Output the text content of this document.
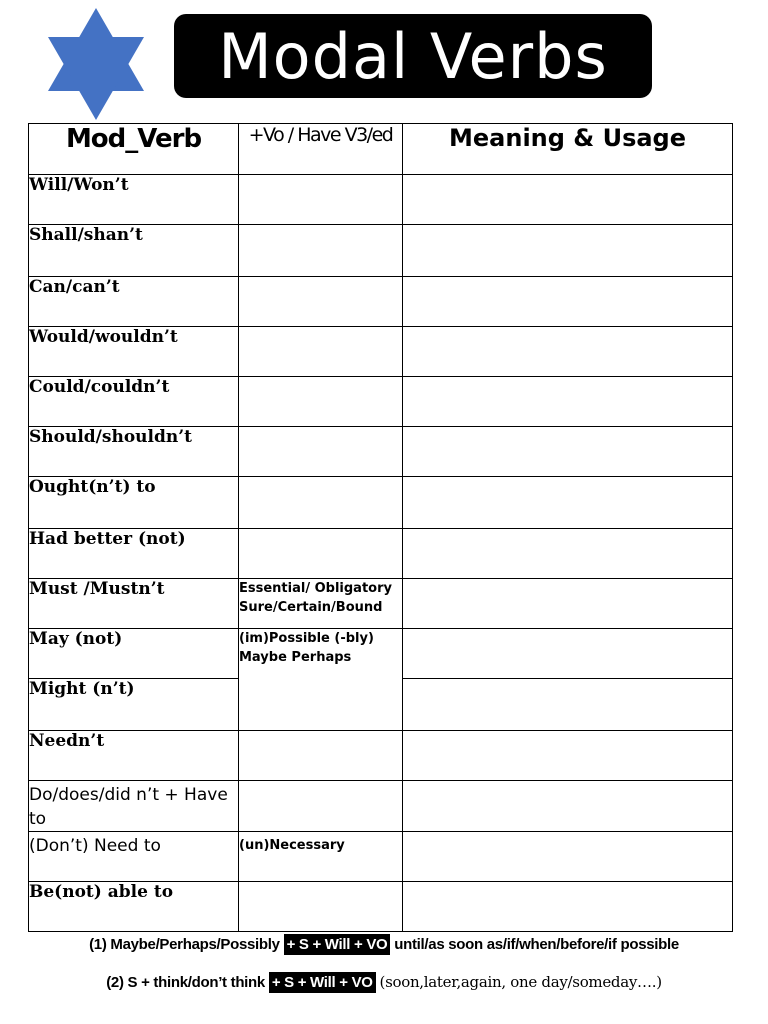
Modal Verbs
Mod_Verb	+Vo / Have V3/ed	Meaning & Usage
Will/Won’t		
Shall/shan’t		
Can/can’t		
Would/wouldn’t		
Could/couldn’t		
Should/shouldn’t		
Ought(n’t) to		
Had better (not)		
Must /Mustn’t	Essential/ Obligatory
Sure/Certain/Bound	

May (not)	(im)Possible (-bly)
Maybe Perhaps	

Might (n’t)		
Needn’t		
Do/does/did n’t + Have to		
(Don’t) Need to	(un)Necessary	

Be(not) able to		
(1) Maybe/Perhaps/Possibly + S + Will + VO until/as soon as/if/when/before/if possible
(2) S + think/don’t think + S + Will + VO (soon,later,again, one day/someday….)
